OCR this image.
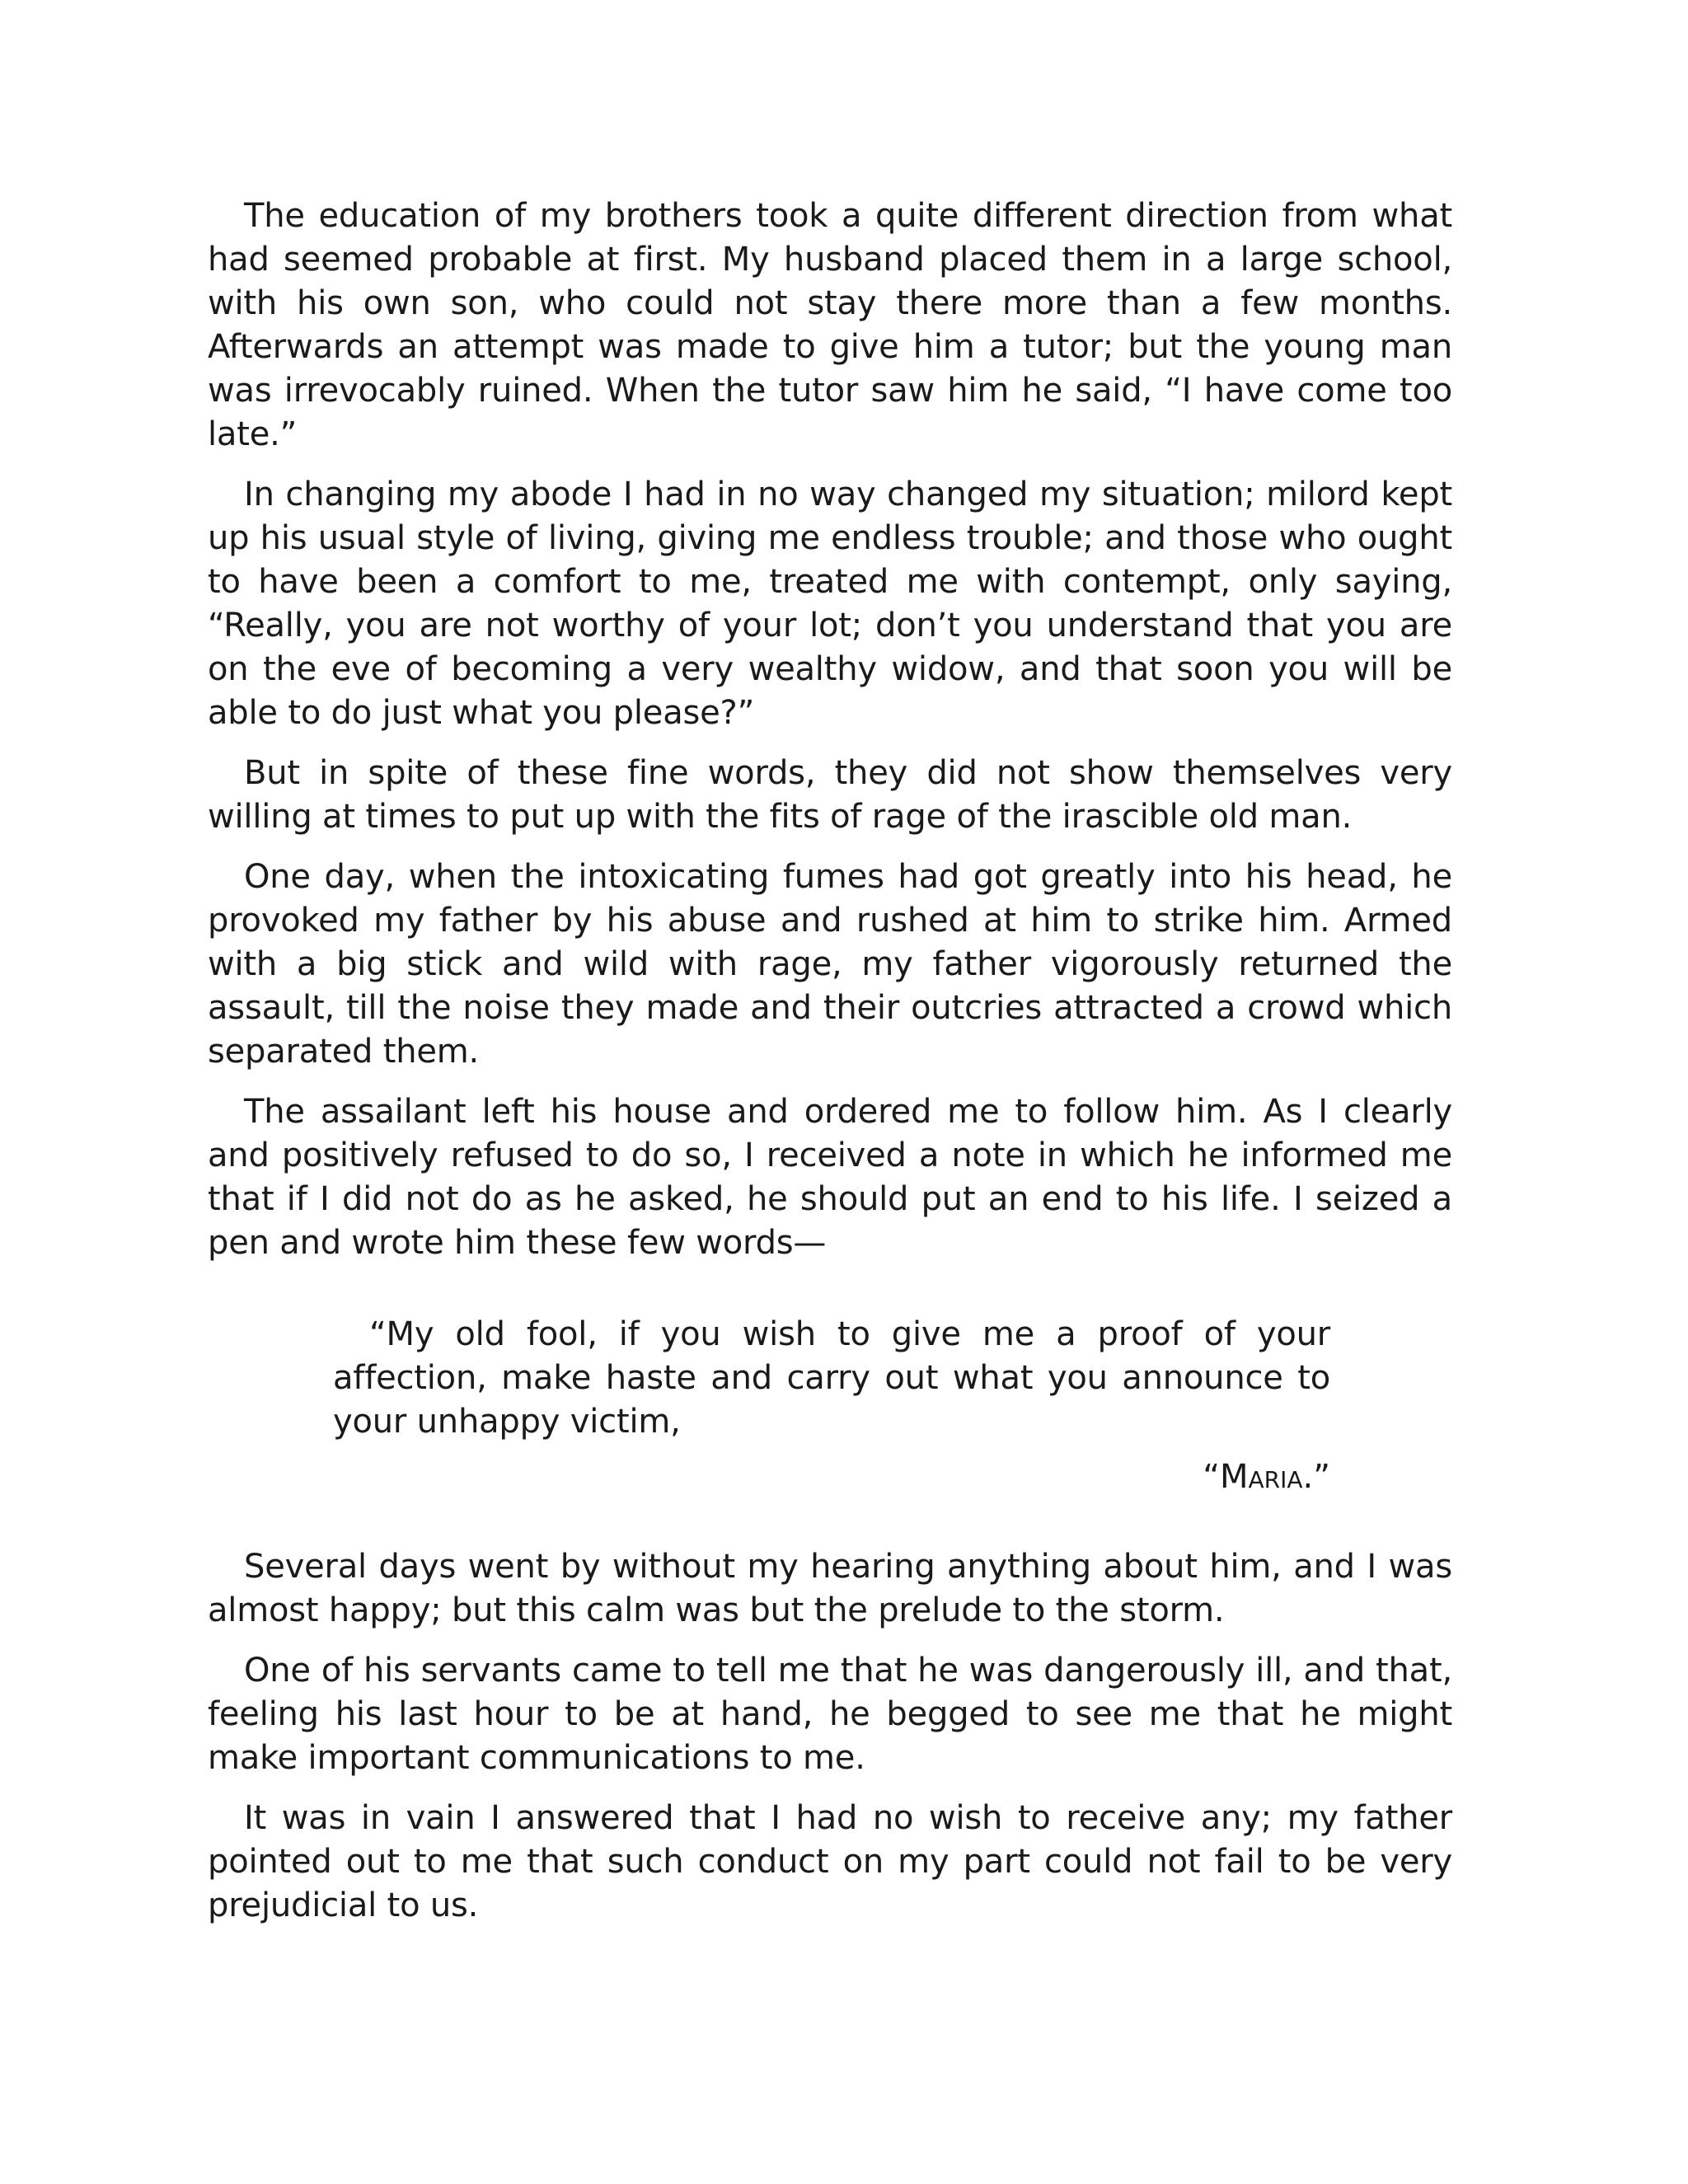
The education of my brothers took a quite different direction from what had seemed probable at first. My husband placed them in a large school, with his own son, who could not stay there more than a few months. Afterwards an attempt was made to give him a tutor; but the young man was irrevocably ruined. When the tutor saw him he said, “I have come too late.”

In changing my abode I had in no way changed my situation; milord kept up his usual style of living, giving me endless trouble; and those who ought to have been a comfort to me, treated me with contempt, only saying, “Really, you are not worthy of your lot; don’t you understand that you are on the eve of becoming a very wealthy widow, and that soon you will be able to do just what you please?”

But in spite of these fine words, they did not show themselves very willing at times to put up with the fits of rage of the irascible old man.

One day, when the intoxicating fumes had got greatly into his head, he provoked my father by his abuse and rushed at him to strike him. Armed with a big stick and wild with rage, my father vigorously returned the assault, till the noise they made and their outcries attracted a crowd which separated them.

The assailant left his house and ordered me to follow him. As I clearly and positively refused to do so, I received a note in which he informed me that if I did not do as he asked, he should put an end to his life. I seized a pen and wrote him these few words—

“My old fool, if you wish to give me a proof of your affection, make haste and carry out what you announce to your unhappy victim,

“Maria.”

Several days went by without my hearing anything about him, and I was almost happy; but this calm was but the prelude to the storm.

One of his servants came to tell me that he was dangerously ill, and that, feeling his last hour to be at hand, he begged to see me that he might make important communications to me.

It was in vain I answered that I had no wish to receive any; my father pointed out to me that such conduct on my part could not fail to be very prejudicial to us.
